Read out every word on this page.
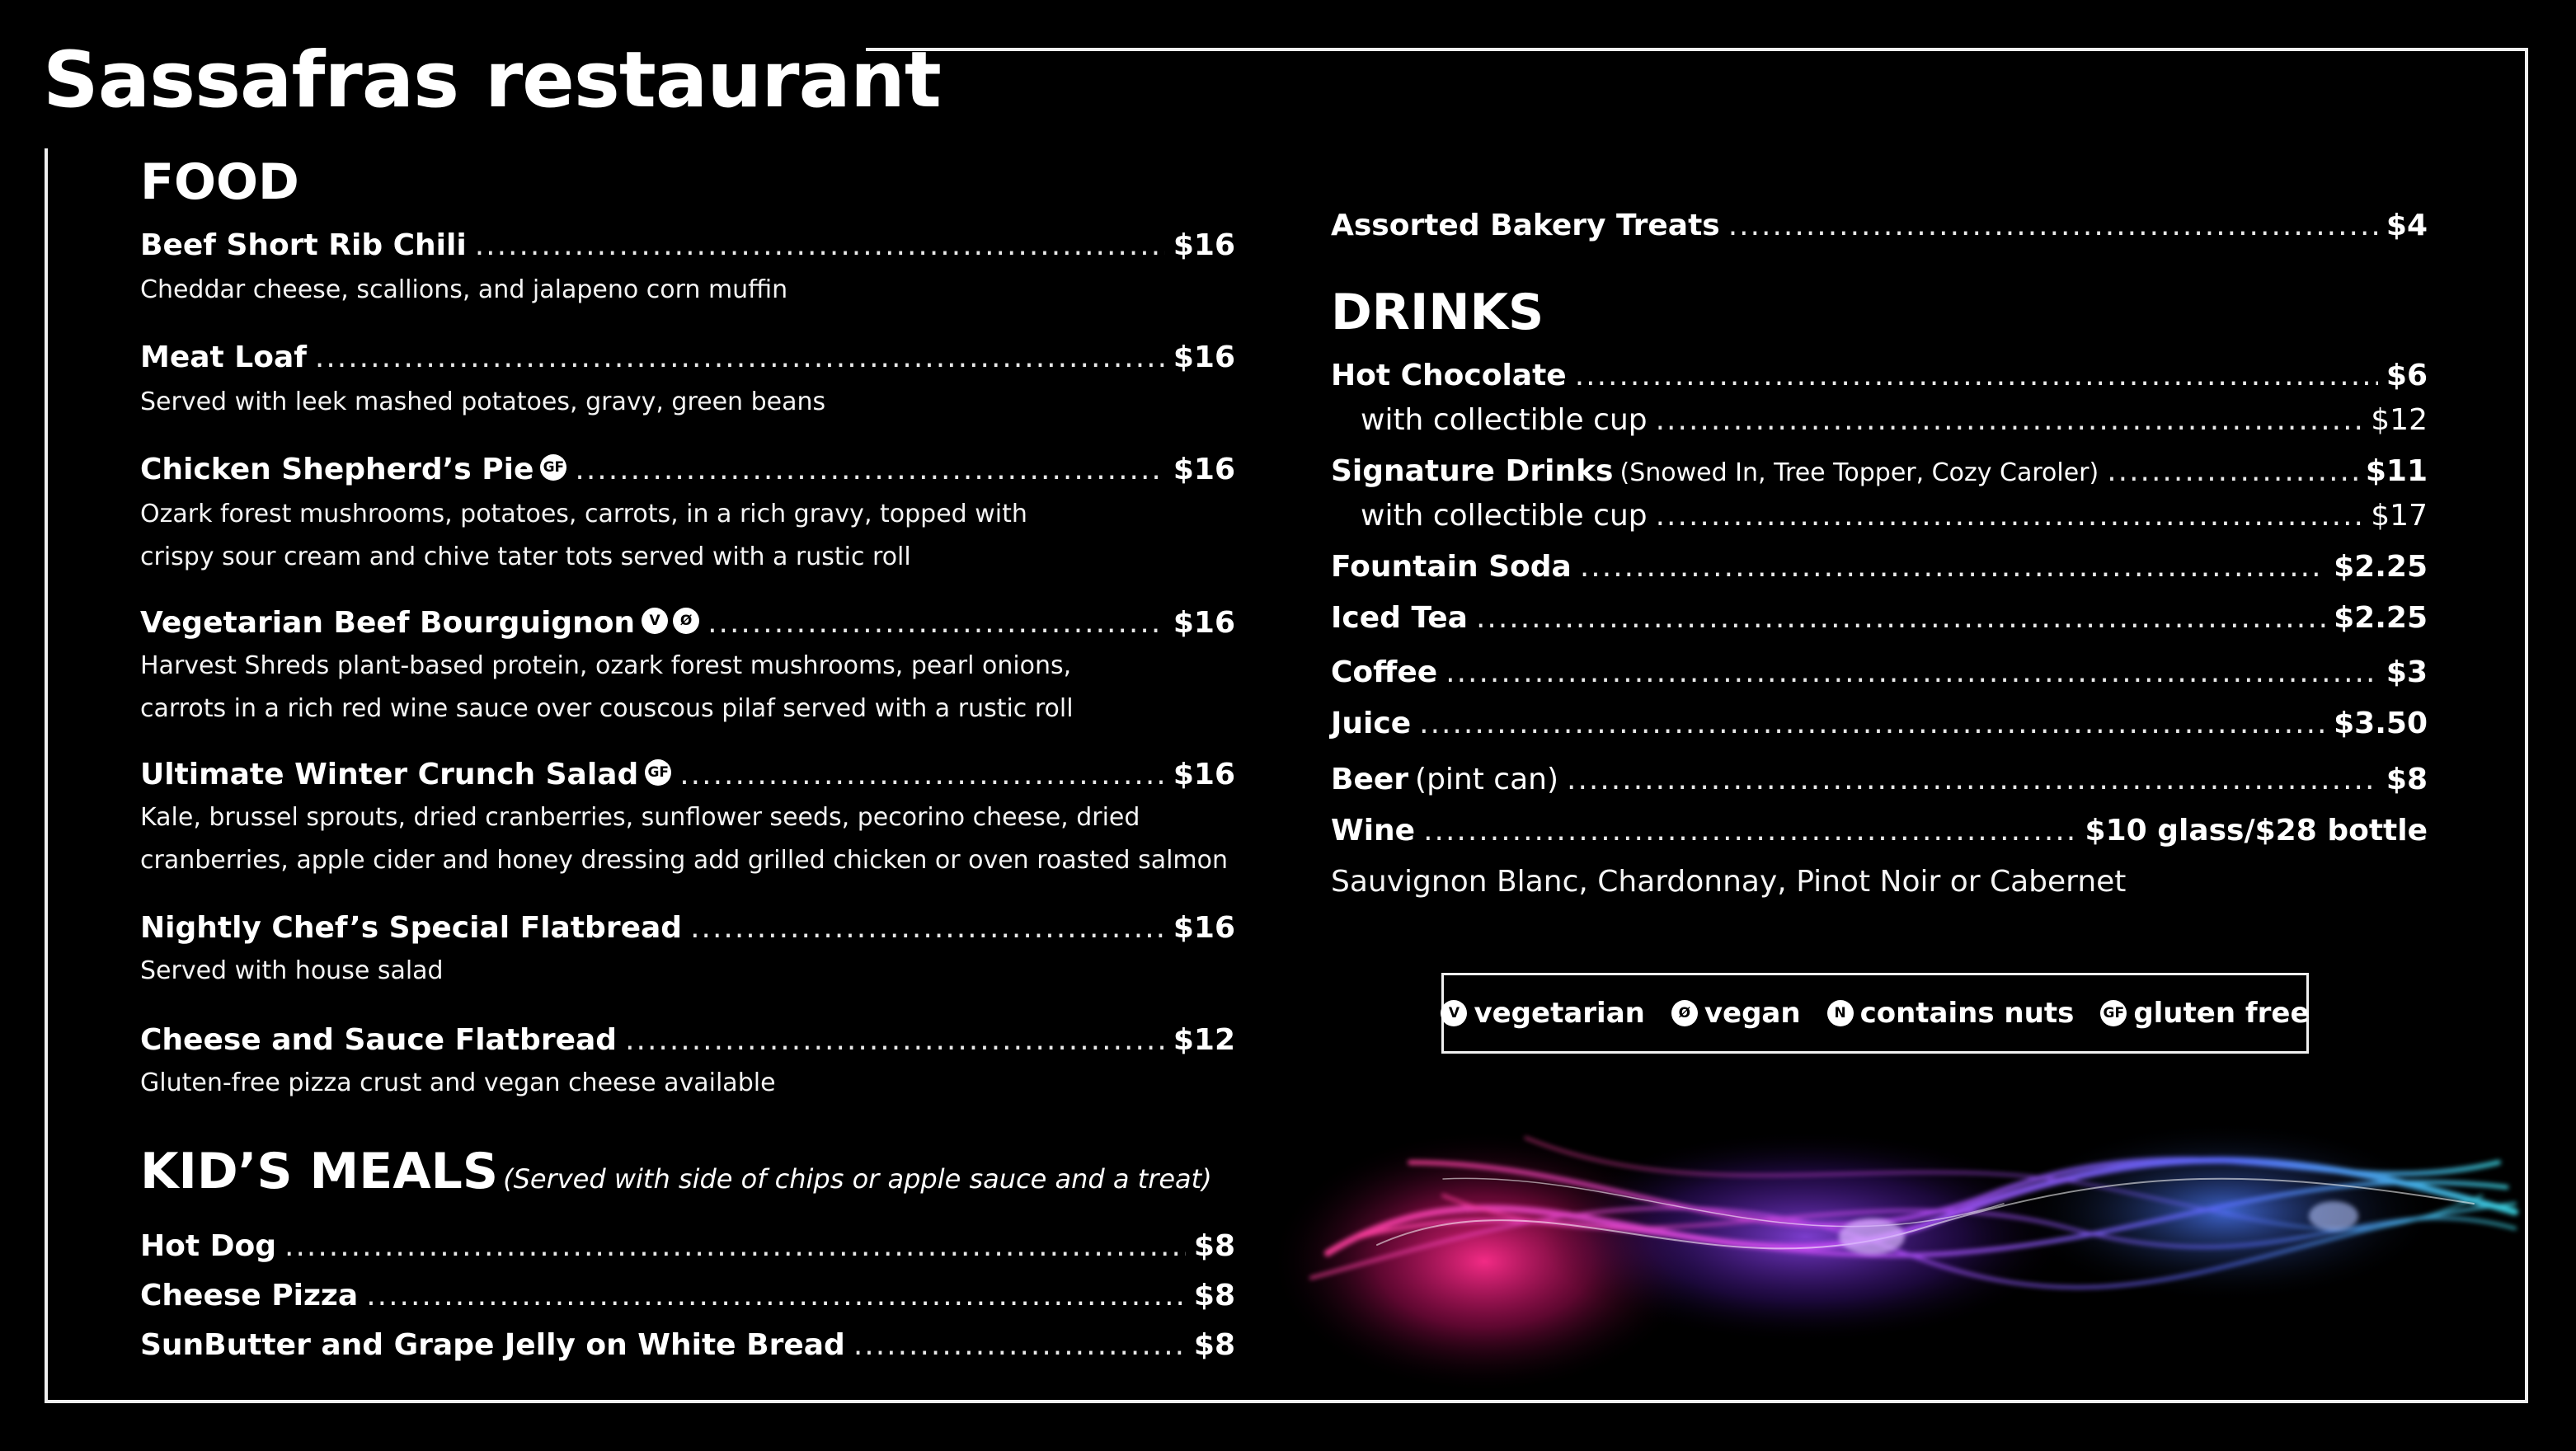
Sassafras restaurant
FOOD
Beef Short Rib Chili .....	$16

Cheddar cheese, scallions, and jalapeno corn muffin

Meat Loaf .....	$16

Served with leek mashed potatoes, gravy, green beans

Chicken Shepherd’s Pie GF .....	$16

Ozark forest mushrooms, potatoes, carrots, in a rich gravy, topped with

crispy sour cream and chive tater tots served with a rustic roll

Vegetarian Beef Bourguignon V Ø .....	$16

Harvest Shreds plant-based protein, ozark forest mushrooms, pearl onions,

carrots in a rich red wine sauce over couscous pilaf served with a rustic roll

Ultimate Winter Crunch Salad GF .....	$16

Kale, brussel sprouts, dried cranberries, sunflower seeds, pecorino cheese, dried

cranberries, apple cider and honey dressing add grilled chicken or oven roasted salmon

Nightly Chef’s Special Flatbread .....	$16

Served with house salad

Cheese and Sauce Flatbread .....	$12

Gluten-free pizza crust and vegan cheese available

KID’S MEALS (Served with side of chips or apple sauce and a treat)
Hot Dog .....	$8
Cheese Pizza .....	$8
SunButter and Grape Jelly on White Bread .....	$8
Assorted Bakery Treats .....	$4
DRINKS
Hot Chocolate .....	$6
with collectible cup .....	$12
Signature Drinks (Snowed In, Tree Topper, Cozy Caroler) .....	$11
with collectible cup .....	$17
Fountain Soda .....	$2.25
Iced Tea .....	$2.25
Coffee .....	$3
Juice .....	$3.50
Beer (pint can) .....	$8
Wine .....	$10 glass/$28 bottle

Sauvignon Blanc, Chardonnay, Pinot Noir or Cabernet

V vegetarian	Ø vegan	N contains nuts GF gluten free
